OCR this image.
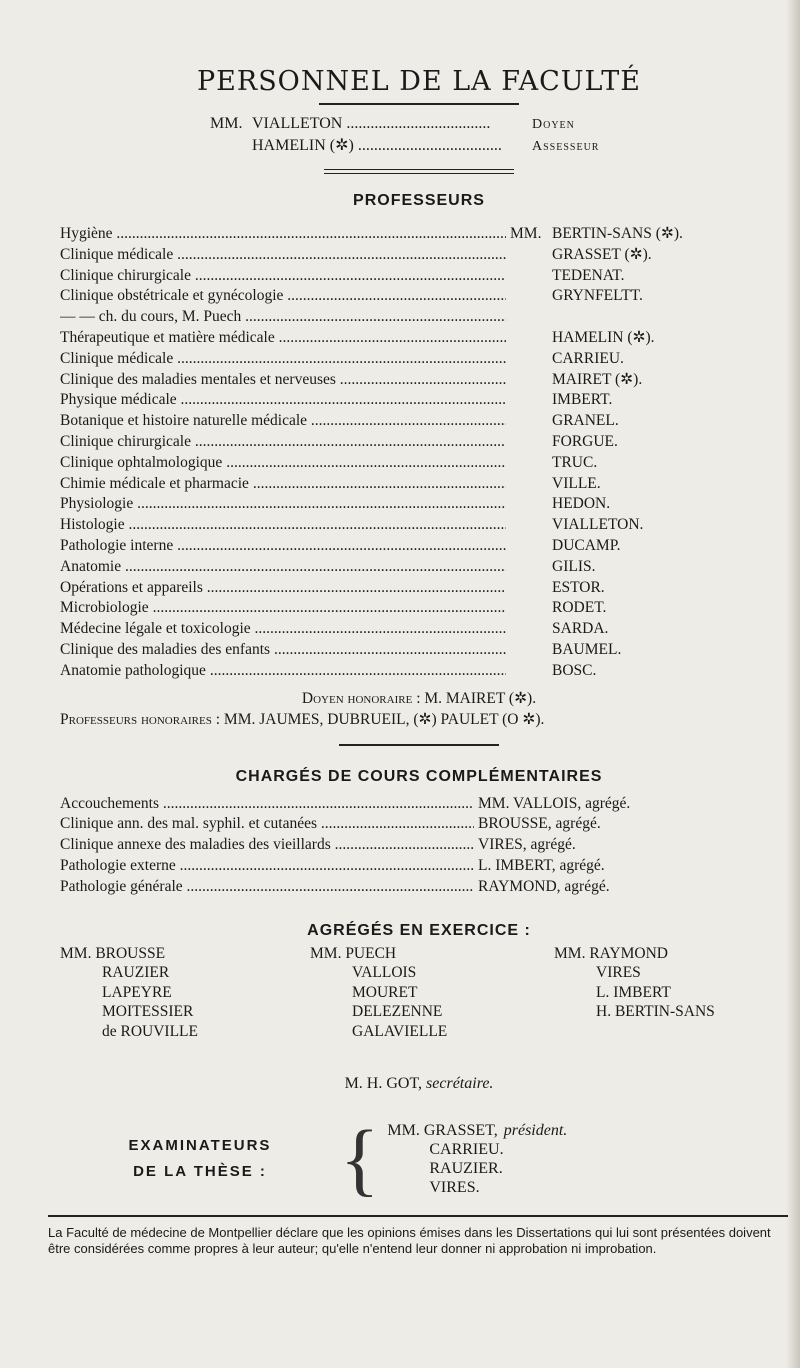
PERSONNEL DE LA FACULTÉ
MM. VIALLETON .....	Doyen
HAMELIN (✲) .....	Assesseur
PROFESSEURS
Hygiène .....	MM. BERTIN-SANS (✲).
Clinique médicale .....	GRASSET (✲).
Clinique chirurgicale .....	TEDENAT.
Clinique obstétricale et gynécologie .....	GRYNFELTT.
— — ch. du cours, M. Puech .....
Thérapeutique et matière médicale .....	HAMELIN (✲).
Clinique médicale .....	CARRIEU.
Clinique des maladies mentales et nerveuses .....	MAIRET (✲).
Physique médicale .....	IMBERT.
Botanique et histoire naturelle médicale .....	GRANEL.
Clinique chirurgicale .....	FORGUE.
Clinique ophtalmologique .....	TRUC.
Chimie médicale et pharmacie .....	VILLE.
Physiologie .....	HEDON.
Histologie .....	VIALLETON.
Pathologie interne .....	DUCAMP.
Anatomie .....	GILIS.
Opérations et appareils .....	ESTOR.
Microbiologie .....	RODET.
Médecine légale et toxicologie .....	SARDA.
Clinique des maladies des enfants .....	BAUMEL.
Anatomie pathologique .....	BOSC.
Doyen honoraire : M. MAIRET (✲).
Professeurs honoraires : MM. JAUMES, DUBRUEIL, (✲) PAULET (O ✲).
CHARGÉS DE COURS COMPLÉMENTAIRES
Accouchements .....	MM. VALLOIS, agrégé.
Clinique ann. des mal. syphil. et cutanées .....	BROUSSE, agrégé.
Clinique annexe des maladies des vieillards .....	VIRES, agrégé.
Pathologie externe .....	L. IMBERT, agrégé.
Pathologie générale .....	RAYMOND, agrégé.
AGRÉGÉS EN EXERCICE :
MM. BROUSSE
RAUZIER
LAPEYRE
MOITESSIER
de ROUVILLE
MM. PUECH
VALLOIS
MOURET
DELEZENNE
GALAVIELLE
MM. RAYMOND
VIRES
L. IMBERT
H. BERTIN-SANS
M. H. GOT, secrétaire.
EXAMINATEURS
DE LA THÈSE : { MM. GRASSET, président.
CARRIEU.
RAUZIER.
VIRES.
La Faculté de médecine de Montpellier déclare que les opinions émises dans les Dissertations qui lui sont présentées doivent être considérées comme propres à leur auteur; qu'elle n'entend leur donner ni approbation ni improbation.
